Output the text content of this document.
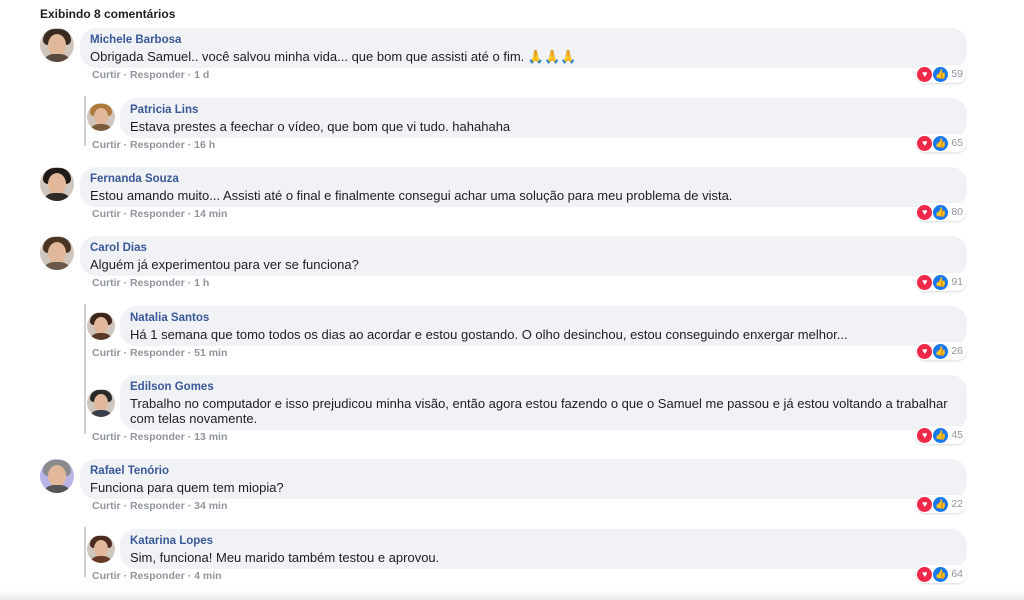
Exibindo 8 comentários
Michele Barbosa
Obrigada Samuel.. você salvou minha vida... que bom que assisti até o fim. 🙏🙏🙏
Curtir · Responder · 1 d	♥ 👍 59
Patricia Lins
Estava prestes a feechar o vídeo, que bom que vi tudo. hahahaha
Curtir · Responder · 16 h	♥ 👍 65
Fernanda Souza
Estou amando muito... Assisti até o final e finalmente consegui achar uma solução para meu problema de vista.
Curtir · Responder · 14 min	♥ 👍 80
Carol Dias
Alguém já experimentou para ver se funciona?
Curtir · Responder · 1 h	♥ 👍 91
Natalia Santos
Há 1 semana que tomo todos os dias ao acordar e estou gostando. O olho desinchou, estou conseguindo enxergar melhor...
Curtir · Responder · 51 min	♥ 👍 26
Edilson Gomes
Trabalho no computador e isso prejudicou minha visão, então agora estou fazendo o que o Samuel me passou e já estou voltando a trabalhar com telas novamente.
Curtir · Responder · 13 min	♥ 👍 45
Rafael Tenório
Funciona para quem tem miopia?
Curtir · Responder · 34 min	♥ 👍 22
Katarina Lopes
Sim, funciona! Meu marido também testou e aprovou.
Curtir · Responder · 4 min	♥ 👍 64
